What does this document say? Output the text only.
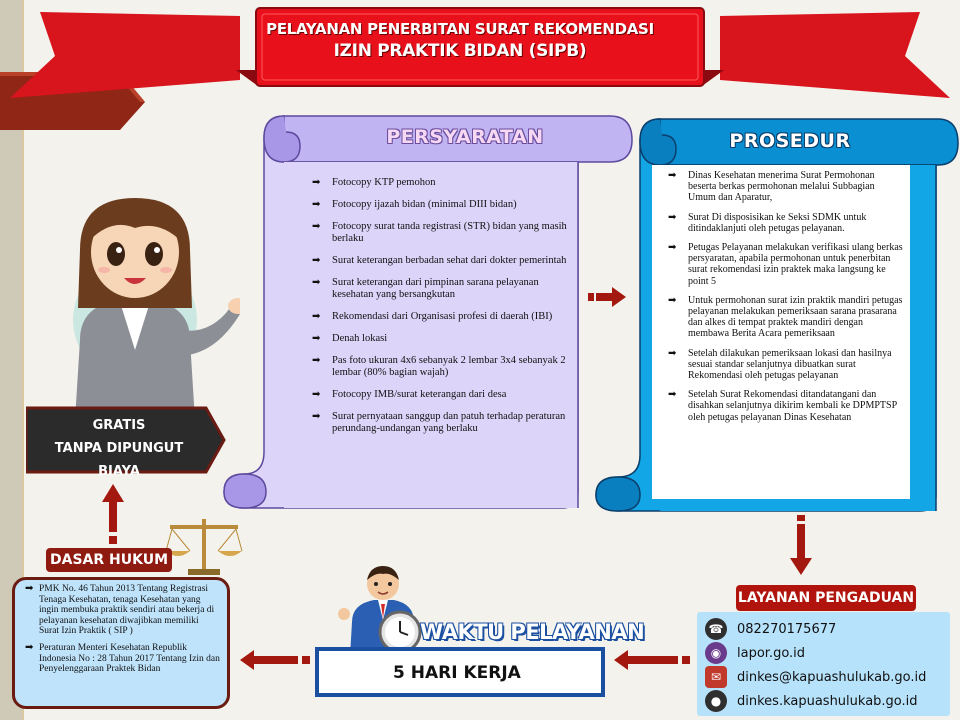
PELAYANAN PENERBITAN SURAT REKOMENDASI
IZIN PRAKTIK BIDAN (SIPB)
PERSYARATAN
➡ Fotocopy KTP pemohon
➡ Fotocopy ijazah bidan (minimal DIII bidan)
➡ Fotocopy surat tanda registrasi (STR) bidan yang masih berlaku
➡ Surat keterangan berbadan sehat dari dokter pemerintah
➡ Surat keterangan dari pimpinan sarana pelayanan kesehatan yang bersangkutan
➡ Rekomendasi dari Organisasi profesi di daerah (IBI)
➡ Denah lokasi
➡ Pas foto ukuran 4x6 sebanyak 2 lembar 3x4 sebanyak 2 lembar (80% bagian wajah)
➡ Fotocopy IMB/surat keterangan dari desa
➡ Surat pernyataan sanggup dan patuh terhadap peraturan perundang-undangan yang berlaku
PROSEDUR
➡ Dinas Kesehatan menerima Surat Permohonan beserta berkas permohonan melalui Subbagian Umum dan Aparatur,
➡ Surat Di disposisikan ke Seksi SDMK untuk ditindaklanjuti oleh petugas pelayanan.
➡ Petugas Pelayanan melakukan verifikasi ulang berkas persyaratan, apabila permohonan untuk penerbitan surat rekomendasi izin praktek maka langsung ke point 5
➡ Untuk permohonan surat izin praktik mandiri petugas pelayanan melakukan pemeriksaan sarana prasarana dan alkes di tempat praktek mandiri dengan membawa Berita Acara pemeriksaan
➡ Setelah dilakukan pemeriksaan lokasi dan hasilnya sesuai standar selanjutnya dibuatkan surat Rekomendasi oleh petugas pelayanan
➡ Setelah Surat Rekomendasi ditandatangani dan disahkan selanjutnya dikirim kembali ke DPMPTSP oleh petugas pelayanan Dinas Kesehatan
GRATIS
TANPA DIPUNGUT BIAYA
DASAR HUKUM
➡ PMK No. 46 Tahun 2013 Tentang Registrasi Tenaga Kesehatan, tenaga Kesehatan yang ingin membuka praktik sendiri atau bekerja di pelayanan kesehatan diwajibkan memiliki Surat Izin Praktik ( SIP )
➡ Peraturan Menteri Kesehatan Republik Indonesia No : 28 Tahun 2017 Tentang Izin dan Penyelenggaraan Praktek Bidan
WAKTU PELAYANAN
5 HARI KERJA
LAYANAN PENGADUAN
☎ 082270175677
◉	lapor.go.id
✉	dinkes@kapuashulukab.go.id
●	dinkes.kapuashulukab.go.id
